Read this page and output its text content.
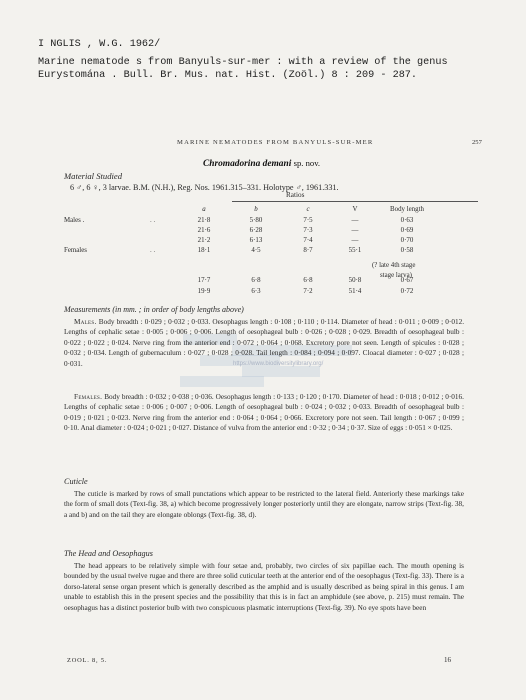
I NGLIS , W.G. 1962/
Marine nematode s from Banyuls-sur-mer : with a review of the genus
Eurystomána . Bull. Br. Mus. nat. Hist. (Zoöl.) 8 : 209 - 287.
MARINE NEMATODES FROM BANYULS-SUR-MER	257
Chromadorina demani sp. nov.
Material Studied
6 ♂, 6 ♀, 3 larvae. B.M. (N.H.), Reg. Nos. 1961.315–331. Holotype ♂, 1961.331.
Ratios
		a	b	c	V	Body length
Males .	. .	21·8	5·80	7·5	—	0·63
		21·6	6·28	7·3	—	0·69
		21·2	6·13	7·4	—	0·70
Females	. .	18·1	4·5	8·7	55·1	0·58

		17·7	6·8	6·8	50·8	0·67
		19·9	6·3	7·2	51·4	0·72
(? late 4th stage
stage larva)
Measurements (in mm. ; in order of body lengths above)
Males. Body breadth : 0·029 ; 0·032 ; 0·033. Oesophagus length : 0·108 ; 0·110 ; 0·114. Diameter of head : 0·011 ; 0·009 ; 0·012. Lengths of cephalic setae : 0·005 ; 0·006 ; 0·006. Length of oesophageal bulb : 0·026 ; 0·028 ; 0·029. Breadth of oesophageal bulb : 0·022 ; 0·022 ; 0·024. Nerve ring from the anterior end : 0·072 ; 0·064 ; 0·068. Excretory pore not seen. Length of spicules : 0·028 ; 0·032 ; 0·034. Length of gubernaculum : 0·027 ; 0·028 ; 0·028. Tail length : 0·084 ; 0·094 ; 0·097. Cloacal diameter : 0·027 ; 0·028 ; 0·031.	https://www.biodiversitylibrary.org/
Females. Body breadth : 0·032 ; 0·038 ; 0·036. Oesophagus length : 0·133 ; 0·120 ; 0·170. Diameter of head : 0·018 ; 0·012 ; 0·016. Lengths of cephalic setae : 0·006 ; 0·007 ; 0·006. Length of oesophageal bulb : 0·024 ; 0·032 ; 0·033. Breadth of oesophageal bulb : 0·019 ; 0·021 ; 0·023. Nerve ring from the anterior end : 0·064 ; 0·064 ; 0·066. Excretory pore not seen. Tail length : 0·067 ; 0·099 ; 0·10. Anal diameter : 0·024 ; 0·021 ; 0·027. Distance of vulva from the anterior end : 0·32 ; 0·34 ; 0·37. Size of eggs : 0·051 × 0·025.
Cuticle
The cuticle is marked by rows of small punctations which appear to be restricted to the lateral field. Anteriorly these markings take the form of small dots (Text-fig. 38, a) which become progressively longer posteriorly until they are elongate, narrow strips (Text-fig. 38, a and b) and on the tail they are elongate oblongs (Text-fig. 38, d).
The Head and Oesophagus
The head appears to be relatively simple with four setae and, probably, two circles of six papillae each. The mouth opening is bounded by the usual twelve rugae and there are three solid cuticular teeth at the anterior end of the oesophagus (Text-fig. 33). There is a dorso-lateral sense organ present which is generally described as the amphid and is usually described as being spiral in this genus. I am unable to establish this in the present species and the possibility that this is in fact an amphidule (see above, p. 215) must remain. The oesophagus has a distinct posterior bulb with two conspicuous plasmatic interruptions (Text-fig. 39). No eye spots have been
ZOOL. 8, 5.	16
